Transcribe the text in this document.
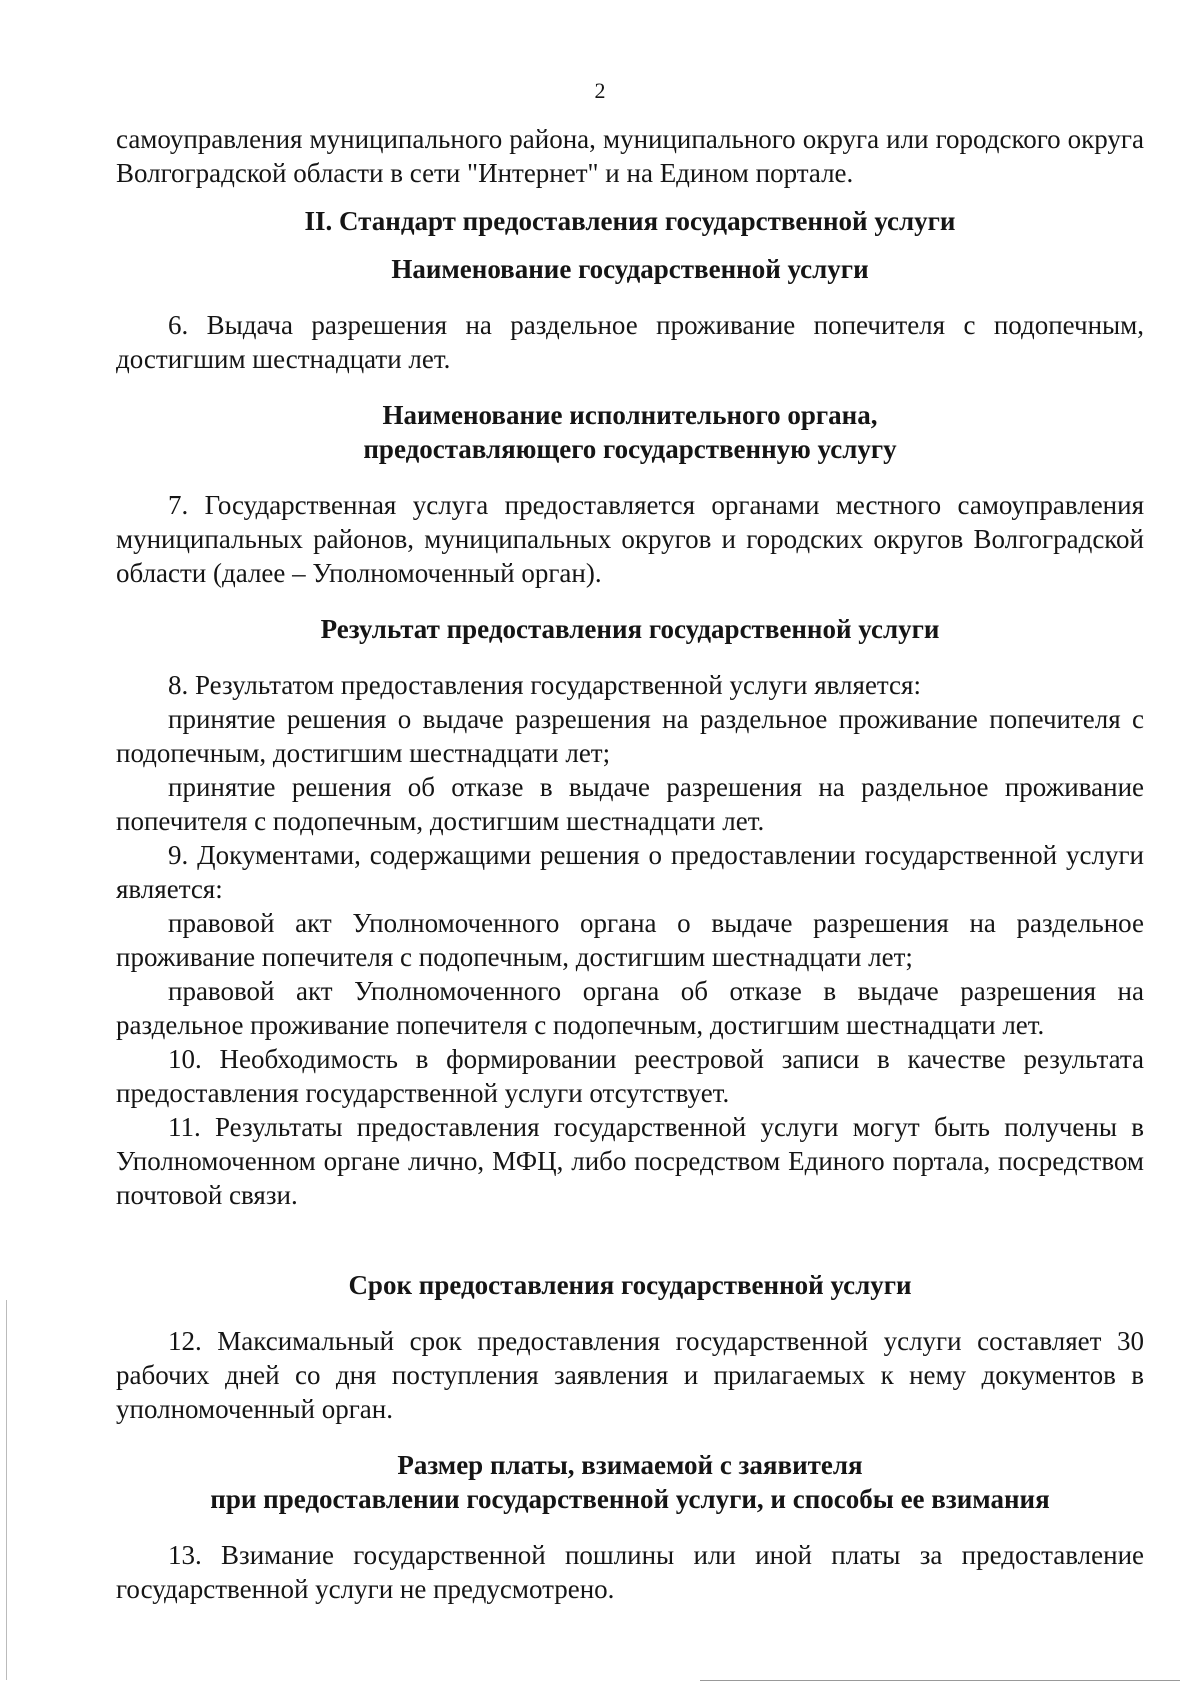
2

самоуправления муниципального района, муниципального округа или городского округа Волгоградской области в сети "Интернет" и на Едином портале.

II. Стандарт предоставления государственной услуги

Наименование государственной услуги

6. Выдача разрешения на раздельное проживание попечителя с подопечным, достигшим шестнадцати лет.

Наименование исполнительного органа,

предоставляющего государственную услугу

7. Государственная услуга предоставляется органами местного самоуправления муниципальных районов, муниципальных округов и городских округов Волгоградской области (далее – Уполномоченный орган).

Результат предоставления государственной услуги

8. Результатом предоставления государственной услуги является:

принятие решения о выдаче разрешения на раздельное проживание попечителя с подопечным, достигшим шестнадцати лет;

принятие решения об отказе в выдаче разрешения на раздельное проживание попечителя с подопечным, достигшим шестнадцати лет.

9. Документами, содержащими решения о предоставлении государственной услуги является:

правовой акт Уполномоченного органа о выдаче разрешения на раздельное проживание попечителя с подопечным, достигшим шестнадцати лет;

правовой акт Уполномоченного органа об отказе в выдаче разрешения на раздельное проживание попечителя с подопечным, достигшим шестнадцати лет.

10. Необходимость в формировании реестровой записи в качестве результата предоставления государственной услуги отсутствует.

11. Результаты предоставления государственной услуги могут быть получены в Уполномоченном органе лично, МФЦ, либо посредством Единого портала, посредством почтовой связи.

Срок предоставления государственной услуги

12. Максимальный срок предоставления государственной услуги составляет 30 рабочих дней со дня поступления заявления и прилагаемых к нему документов в уполномоченный орган.

Размер платы, взимаемой с заявителя

при предоставлении государственной услуги, и способы ее взимания

13. Взимание государственной пошлины или иной платы за предоставление государственной услуги не предусмотрено.
